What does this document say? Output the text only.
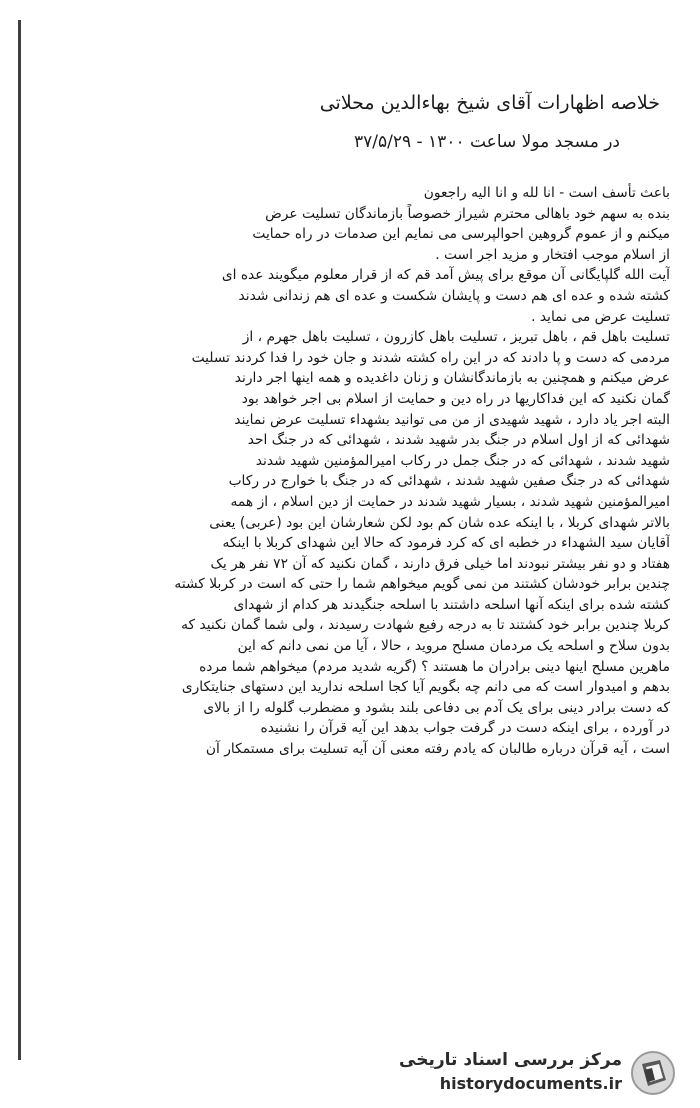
خلاصه اظهارات آقای شیخ بهاءالدین محلاتی
در مسجد مولا ساعت ۱۳۰۰ - ۳۷/۵/۲۹
باعث تأسف است - انا لله و انا الیه راجعون
بنده به سهم خود باهالی محترم شیراز خصوصاً بازماندگان تسلیت عرض
میکنم و از عموم گروهین احوالپرسی می نمایم این صدمات در راه حمایت
از اسلام موجب افتخار و مزید اجر است .
آیت الله گلپایگانی آن موقع برای پیش آمد قم که از قرار معلوم میگویند عده ای
کشته شده و عده ای هم دست و پایشان شکست و عده ای هم زندانی شدند
تسلیت عرض می نماید .
تسلیت باهل قم ، باهل تبریز ، تسلیت باهل کازرون ، تسلیت باهل جهرم ، از
مردمی که دست و پا دادند که در این راه کشته شدند و جان خود را فدا کردند تسلیت
عرض میکنم و همچنین به بازماندگانشان و زنان داغدیده و همه اینها اجر دارند
گمان نکنید که این فداکاریها در راه دین و حمایت از اسلام بی اجر خواهد بود
البته اجر یاد دارد ، شهید شهیدی از من می توانید بشهداء تسلیت عرض نمایند
شهدائی که از اول اسلام در جنگ بدر شهید شدند ، شهدائی که در جنگ احد
شهید شدند ، شهدائی که در جنگ جمل در رکاب امیرالمؤمنین شهید شدند
شهدائی که در جنگ صفین شهید شدند ، شهدائی که در جنگ با خوارج در رکاب
امیرالمؤمنین شهید شدند ، بسیار شهید شدند در حمایت از دین اسلام ، از همه
بالاتر شهدای کربلا ، با اینکه عده شان کم بود لکن شعارشان این بود (عربی) یعنی
آقایان سید الشهداء در خطبه ای که کرد فرمود که حالا این شهدای کربلا با اینکه
هفتاد و دو نفر بیشتر نبودند اما خیلی فرق دارند ، گمان نکنید که آن ۷۲ نفر هر یک
چندین برابر خودشان کشتند من نمی گویم میخواهم شما را حتی که است در کربلا کشته
کشته شده برای اینکه آنها اسلحه داشتند با اسلحه جنگیدند هر کدام از شهدای
کربلا چندین برابر خود کشتند تا به درجه رفیع شهادت رسیدند ، ولی شما گمان نکنید که
بدون سلاح و اسلحه یک مردمان مسلح مروید ، حالا ، آیا من نمی دانم که این
ماهرین مسلح اینها دینی برادران ما هستند ؟ (گریه شدید مردم) میخواهم شما مرده
بدهم و امیدوار است که می دانم چه بگویم آیا کجا اسلحه ندارید این دستهای جنایتکاری
که دست برادر دینی برای یک آدم بی دفاعی بلند بشود و مضطرب گلوله را از بالای
در آورده ، برای اینکه دست در گرفت جواب بدهد این آیه قرآن را نشنیده
است ، آیه قرآن درباره طالبان که یادم رفته معنی آن آیه تسلیت برای مستمکار آن
مرکز بررسی اسناد تاریخی
historydocuments.ir
